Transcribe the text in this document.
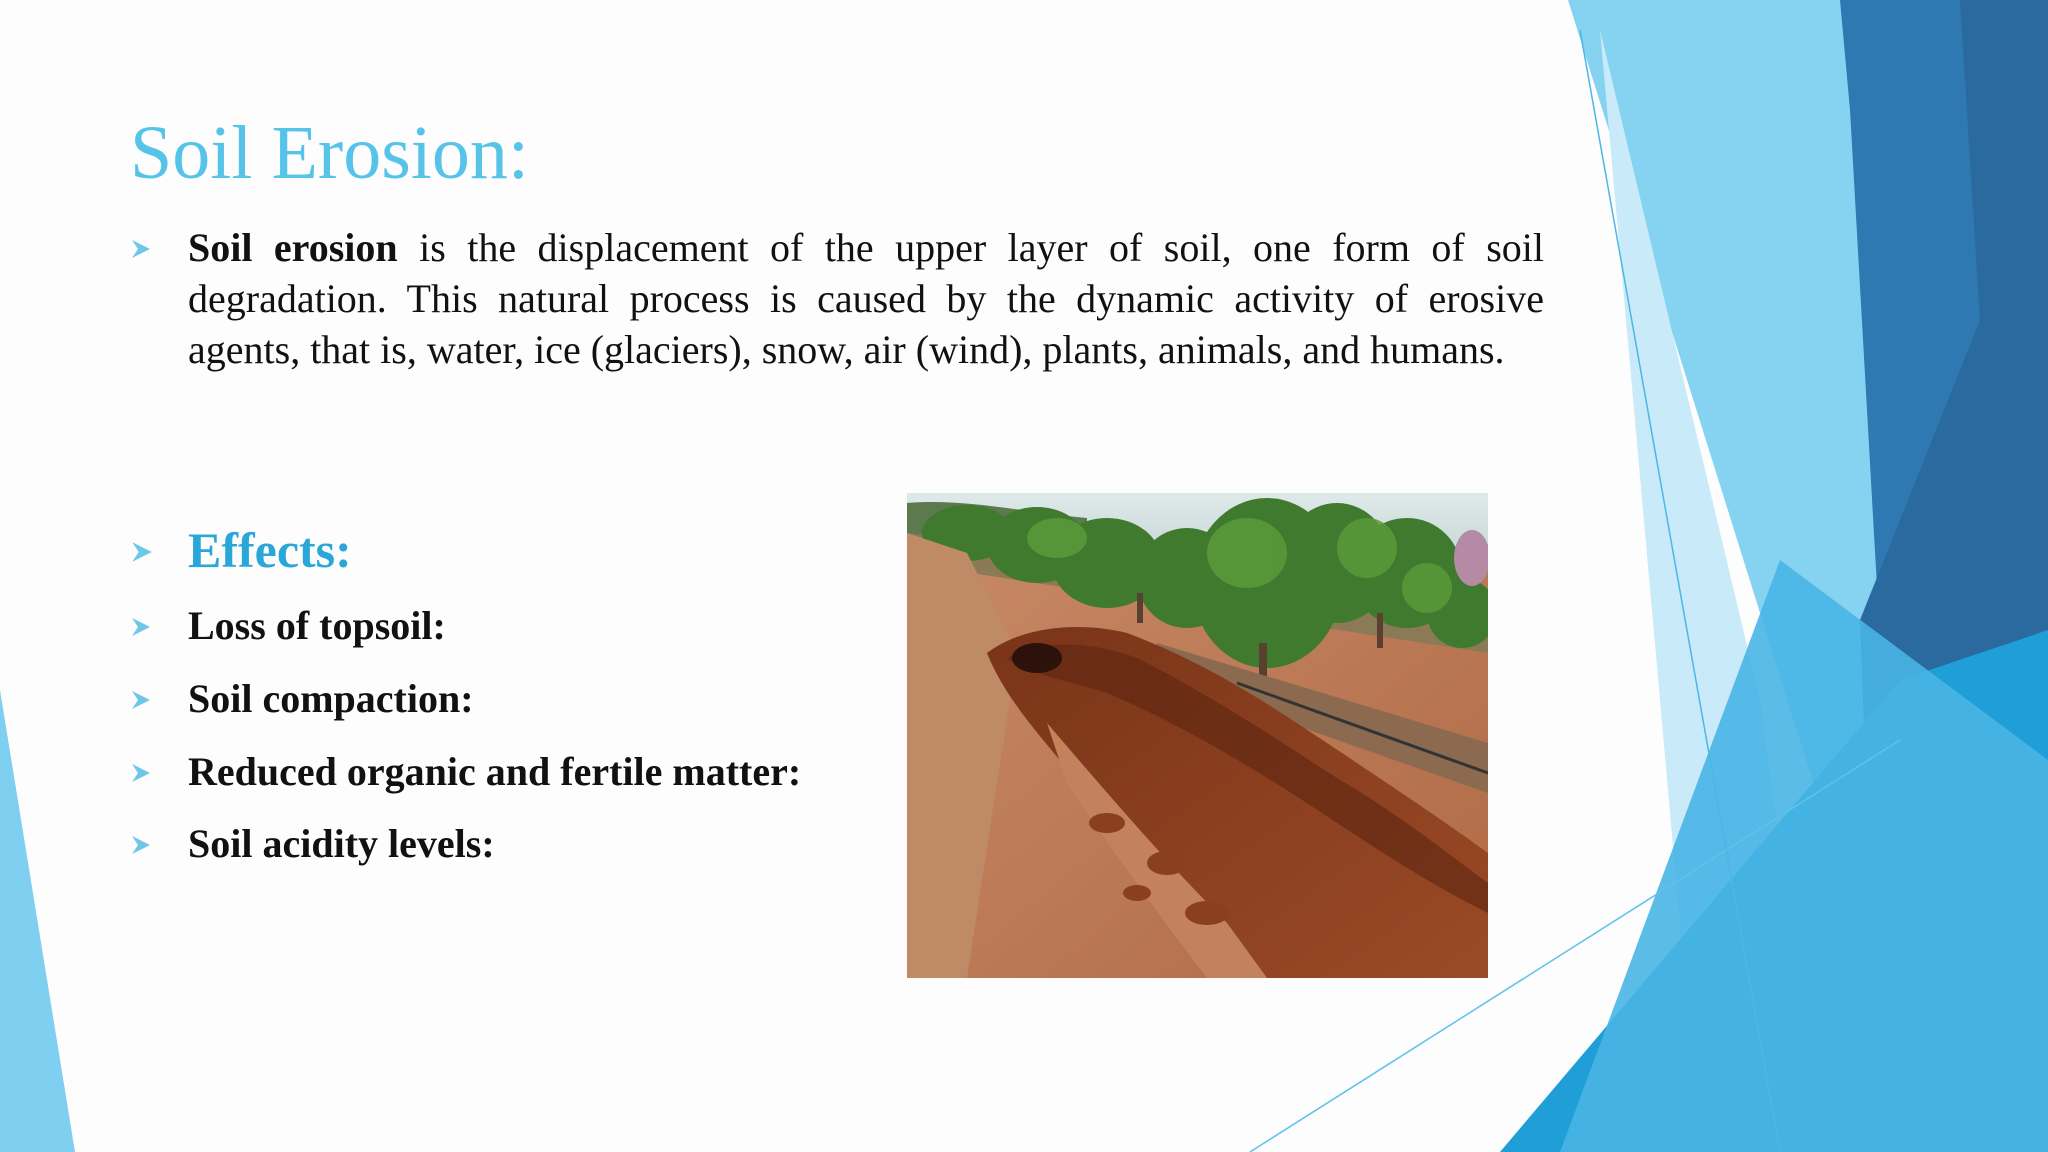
Soil Erosion:
Soil erosion is the displacement of the upper layer of soil, one form of soil degradation. This natural process is caused by the dynamic activity of erosive agents, that is, water, ice (glaciers), snow, air (wind), plants, animals, and humans.
Effects:
Loss of topsoil:
Soil compaction:
Reduced organic and fertile matter:
Soil acidity levels:
